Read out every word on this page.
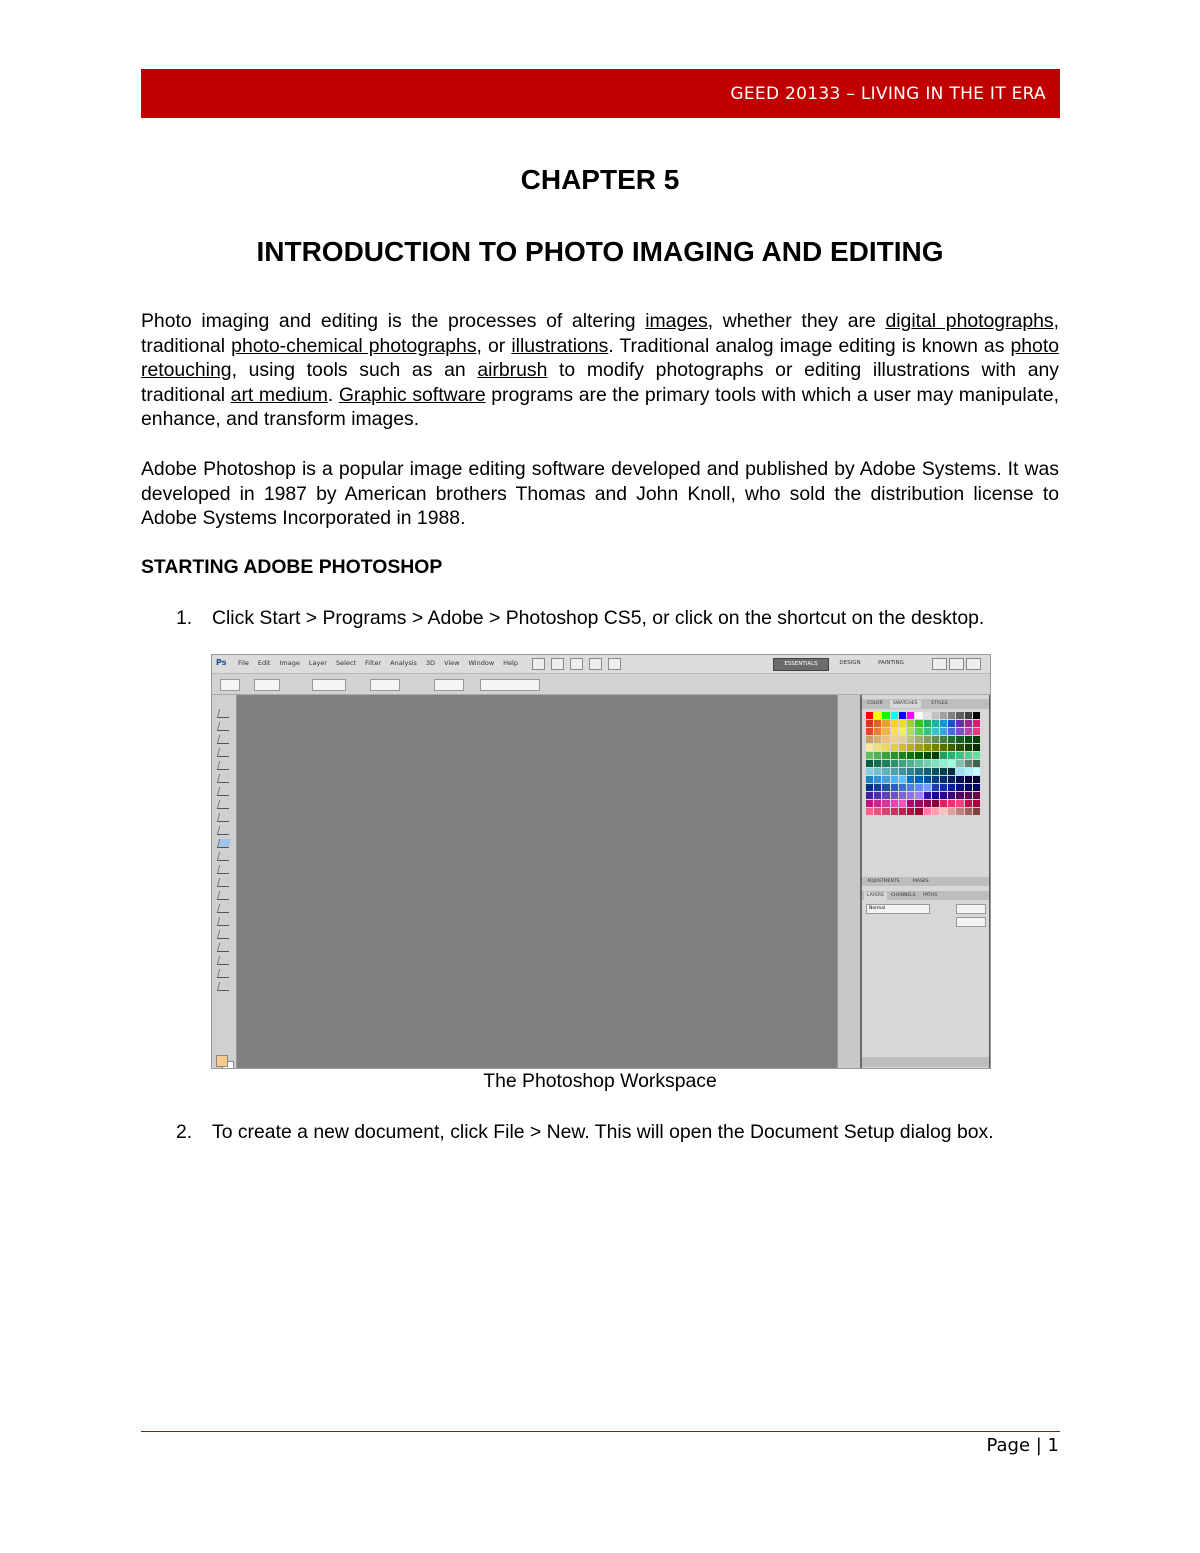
GEED 20133 – LIVING IN THE IT ERA
CHAPTER 5
INTRODUCTION TO PHOTO IMAGING AND EDITING
Photo imaging and editing is the processes of altering images, whether they are digital photographs, traditional photo-chemical photographs, or illustrations. Traditional analog image editing is known as photo retouching, using tools such as an airbrush to modify photographs or editing illustrations with any traditional art medium. Graphic software programs are the primary tools with which a user may manipulate, enhance, and transform images.
Adobe Photoshop is a popular image editing software developed and published by Adobe Systems. It was developed in 1987 by American brothers Thomas and John Knoll, who sold the distribution license to Adobe Systems Incorporated in 1988.
STARTING ADOBE PHOTOSHOP
1. Click Start > Programs > Adobe > Photoshop CS5, or click on the shortcut on the desktop.
Ps	File Edit Image Layer Select Filter Analysis 3D View Window Help	ESSENTIALS	DESIGN	PAINTING
COLOR	SWATCHES	STYLES
ADJUSTMENTS	MASKS
LAYERS	CHANNELS	PATHS
Normal
The Photoshop Workspace
2. To create a new document, click File > New. This will open the Document Setup dialog box.
Page | 1
